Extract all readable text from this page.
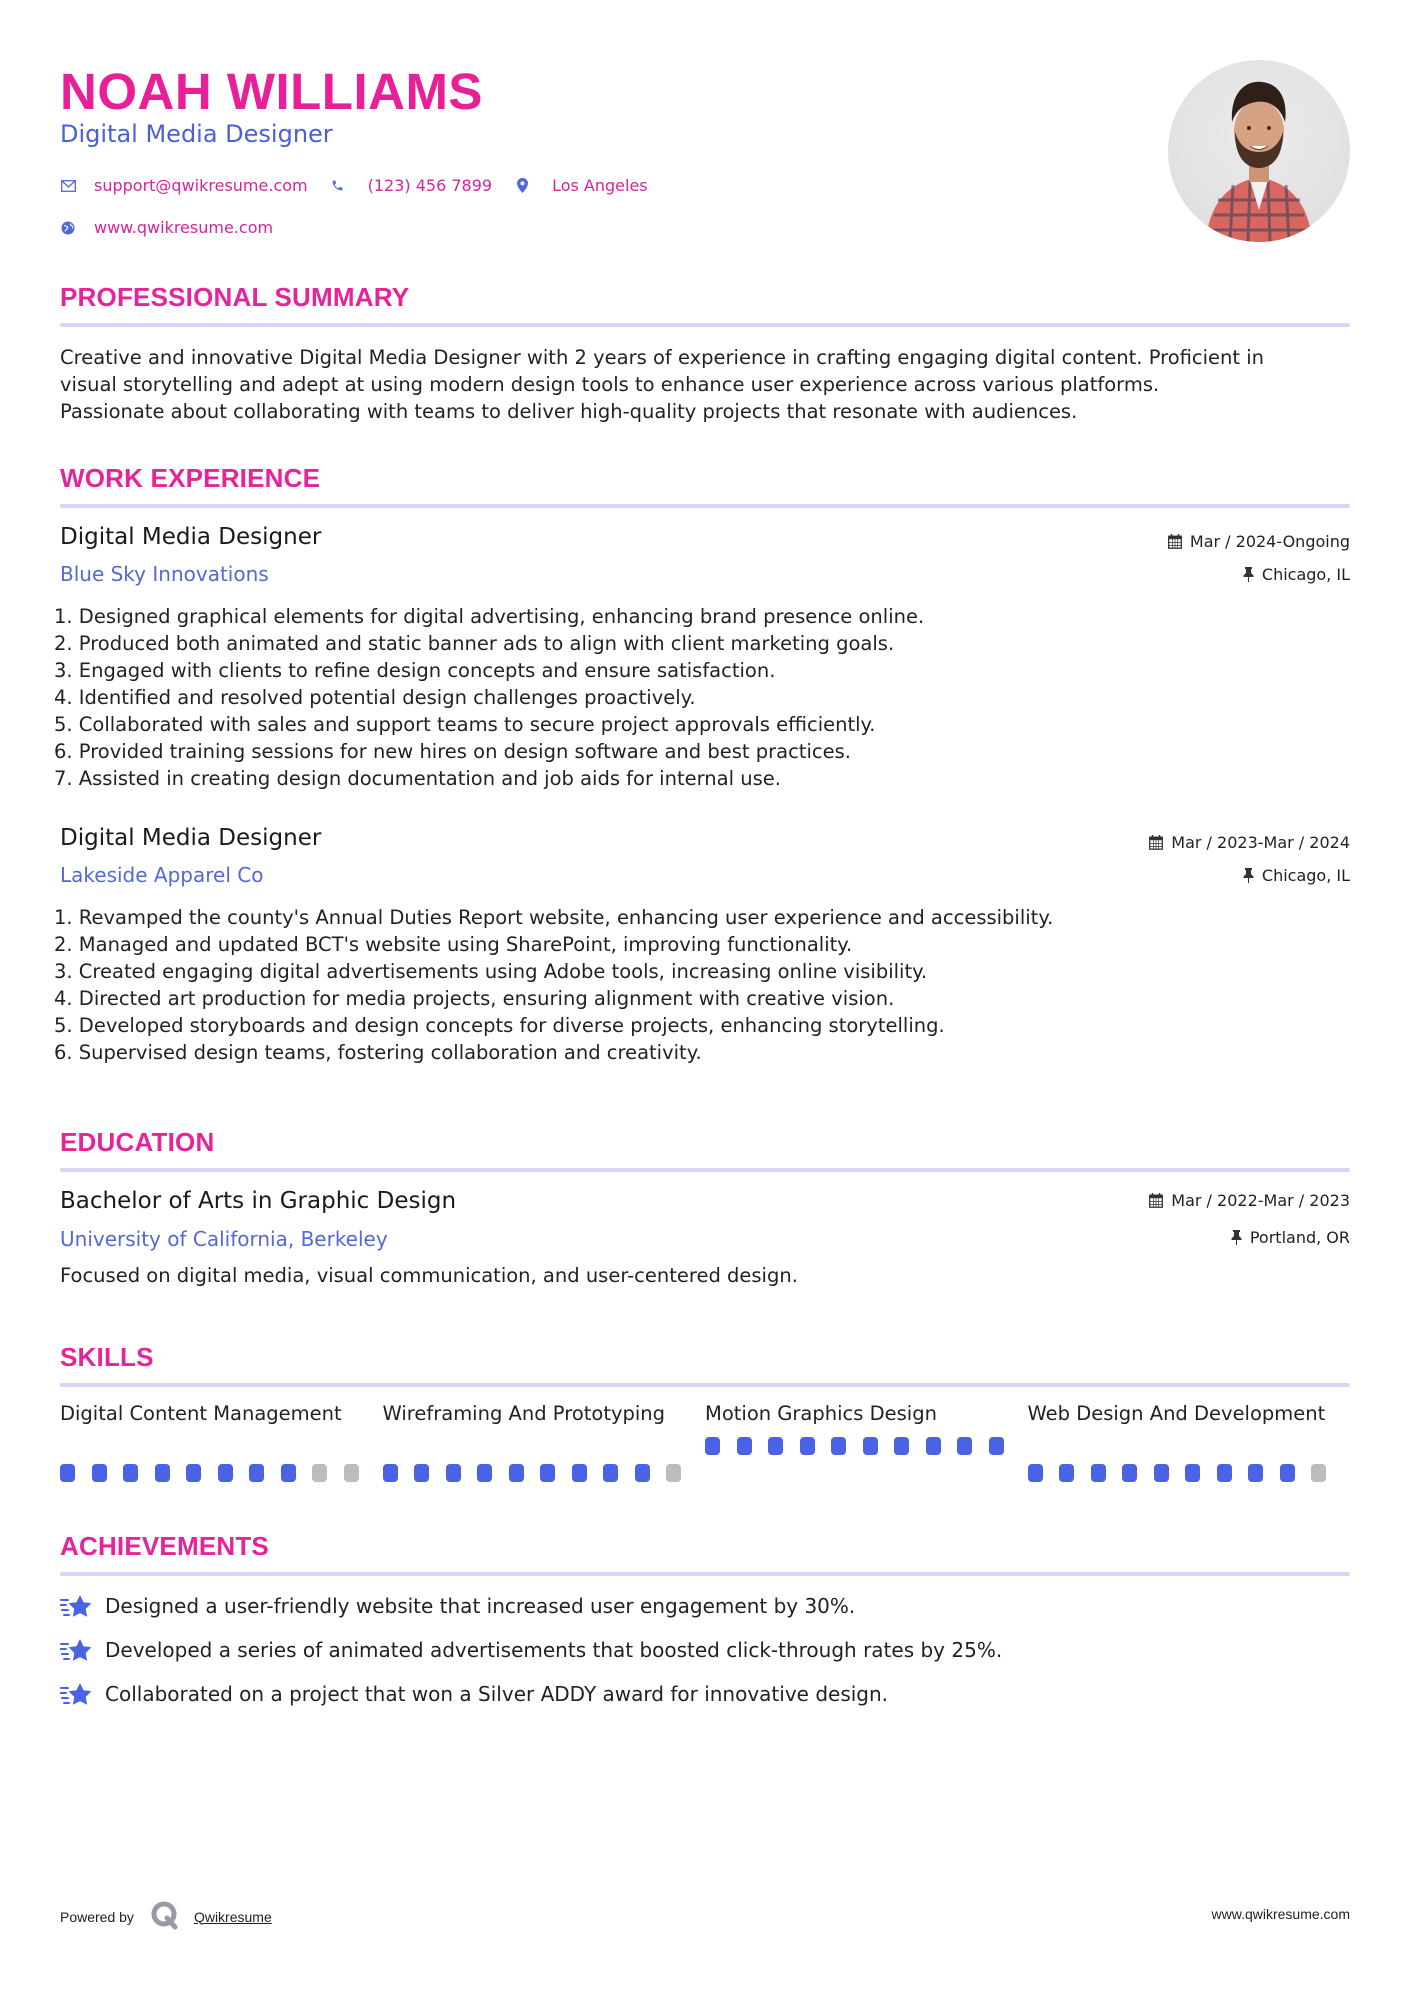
NOAH WILLIAMS
Digital Media Designer
support@qwikresume.com	(123) 456 7899	Los Angeles
www.qwikresume.com
PROFESSIONAL SUMMARY
Creative and innovative Digital Media Designer with 2 years of experience in crafting engaging digital content. Proficient in
visual storytelling and adept at using modern design tools to enhance user experience across various platforms.
Passionate about collaborating with teams to deliver high-quality projects that resonate with audiences.
WORK EXPERIENCE
Digital Media Designer
Blue Sky Innovations
Mar / 2024-Ongoing
Chicago, IL
1. Designed graphical elements for digital advertising, enhancing brand presence online.
2. Produced both animated and static banner ads to align with client marketing goals.
3. Engaged with clients to refine design concepts and ensure satisfaction.
4. Identified and resolved potential design challenges proactively.
5. Collaborated with sales and support teams to secure project approvals efficiently.
6. Provided training sessions for new hires on design software and best practices.
7. Assisted in creating design documentation and job aids for internal use.
Digital Media Designer
Lakeside Apparel Co
Mar / 2023-Mar / 2024
Chicago, IL
1. Revamped the county's Annual Duties Report website, enhancing user experience and accessibility.
2. Managed and updated BCT's website using SharePoint, improving functionality.
3. Created engaging digital advertisements using Adobe tools, increasing online visibility.
4. Directed art production for media projects, ensuring alignment with creative vision.
5. Developed storyboards and design concepts for diverse projects, enhancing storytelling.
6. Supervised design teams, fostering collaboration and creativity.
EDUCATION
Bachelor of Arts in Graphic Design
University of California, Berkeley
Mar / 2022-Mar / 2023
Portland, OR
Focused on digital media, visual communication, and user-centered design.
SKILLS
Digital Content Management	Wireframing And Prototyping	Motion Graphics Design	Web Design And Development
ACHIEVEMENTS
Designed a user-friendly website that increased user engagement by 30%.
Developed a series of animated advertisements that boosted click-through rates by 25%.
Collaborated on a project that won a Silver ADDY award for innovative design.
Powered by	Qwikresume	www.qwikresume.com
